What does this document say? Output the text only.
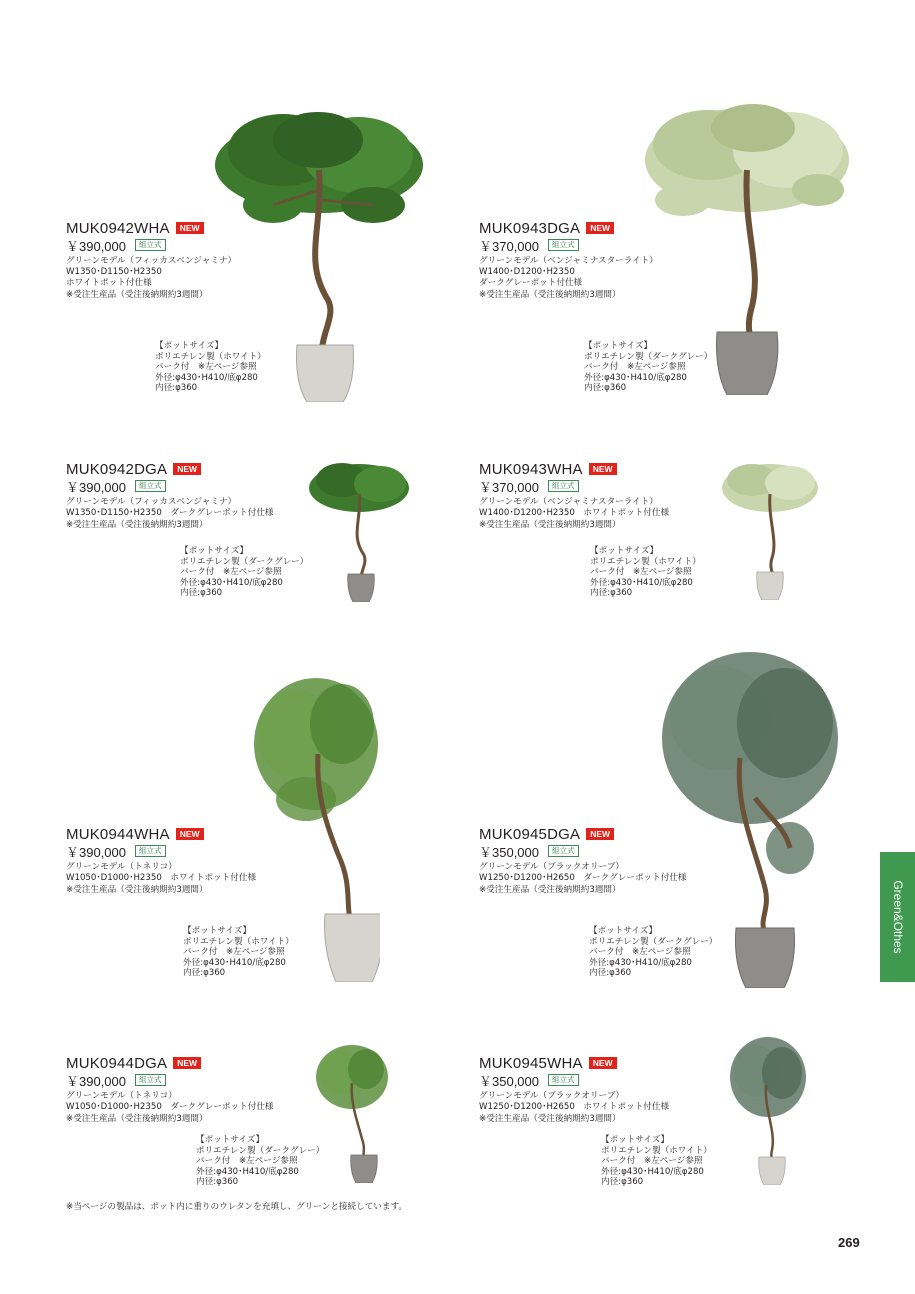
MUK0942WHA	NEW
￥390,000	組立式
グリーンモデル（フィッカスベンジャミナ）
W1350･D1150･H2350
ホワイトポット付仕様
※受注生産品（受注後納期約3週間）
【ポットサイズ】
ポリエチレン製（ホワイト）
バーク付　※左ページ参照
外径:φ430･H410/底φ280
内径:φ360
MUK0943DGA	NEW
￥370,000	組立式
グリーンモデル（ベンジャミナスターライト）
W1400･D1200･H2350
ダークグレーポット付仕様
※受注生産品（受注後納期約3週間）
【ポットサイズ】
ポリエチレン製（ダークグレー）
バーク付　※左ページ参照
外径:φ430･H410/底φ280
内径:φ360
MUK0942DGA	NEW
￥390,000	組立式
グリーンモデル（フィッカスベンジャミナ）
W1350･D1150･H2350　ダークグレーポット付仕様
※受注生産品（受注後納期約3週間）
【ポットサイズ】
ポリエチレン製（ダークグレー）
バーク付　※左ページ参照
外径:φ430･H410/底φ280
内径:φ360
MUK0943WHA	NEW
￥370,000	組立式
グリーンモデル（ベンジャミナスターライト）
W1400･D1200･H2350　ホワイトポット付仕様
※受注生産品（受注後納期約3週間）
【ポットサイズ】
ポリエチレン製（ホワイト）
バーク付　※左ページ参照
外径:φ430･H410/底φ280
内径:φ360
MUK0944WHA	NEW
￥390,000	組立式
グリーンモデル（トネリコ）
W1050･D1000･H2350　ホワイトポット付仕様
※受注生産品（受注後納期約3週間）
【ポットサイズ】
ポリエチレン製（ホワイト）
バーク付　※左ページ参照
外径:φ430･H410/底φ280
内径:φ360
MUK0945DGA	NEW
￥350,000	組立式
グリーンモデル（ブラックオリーブ）
W1250･D1200･H2650　ダークグレーポット付仕様
※受注生産品（受注後納期約3週間）
【ポットサイズ】
ポリエチレン製（ダークグレー）
バーク付　※左ページ参照
外径:φ430･H410/底φ280
内径:φ360
MUK0944DGA	NEW
￥390,000	組立式
グリーンモデル（トネリコ）
W1050･D1000･H2350　ダークグレーポット付仕様
※受注生産品（受注後納期約3週間）
【ポットサイズ】
ポリエチレン製（ダークグレー）
バーク付　※左ページ参照
外径:φ430･H410/底φ280
内径:φ360
MUK0945WHA	NEW
￥350,000	組立式
グリーンモデル（ブラックオリーブ）
W1250･D1200･H2650　ホワイトポット付仕様
※受注生産品（受注後納期約3週間）
【ポットサイズ】
ポリエチレン製（ホワイト）
バーク付　※左ページ参照
外径:φ430･H410/底φ280
内径:φ360
※当ページの製品は、ポット内に重りのウレタンを充填し、グリーンと接続しています。
Green&Othes
269
